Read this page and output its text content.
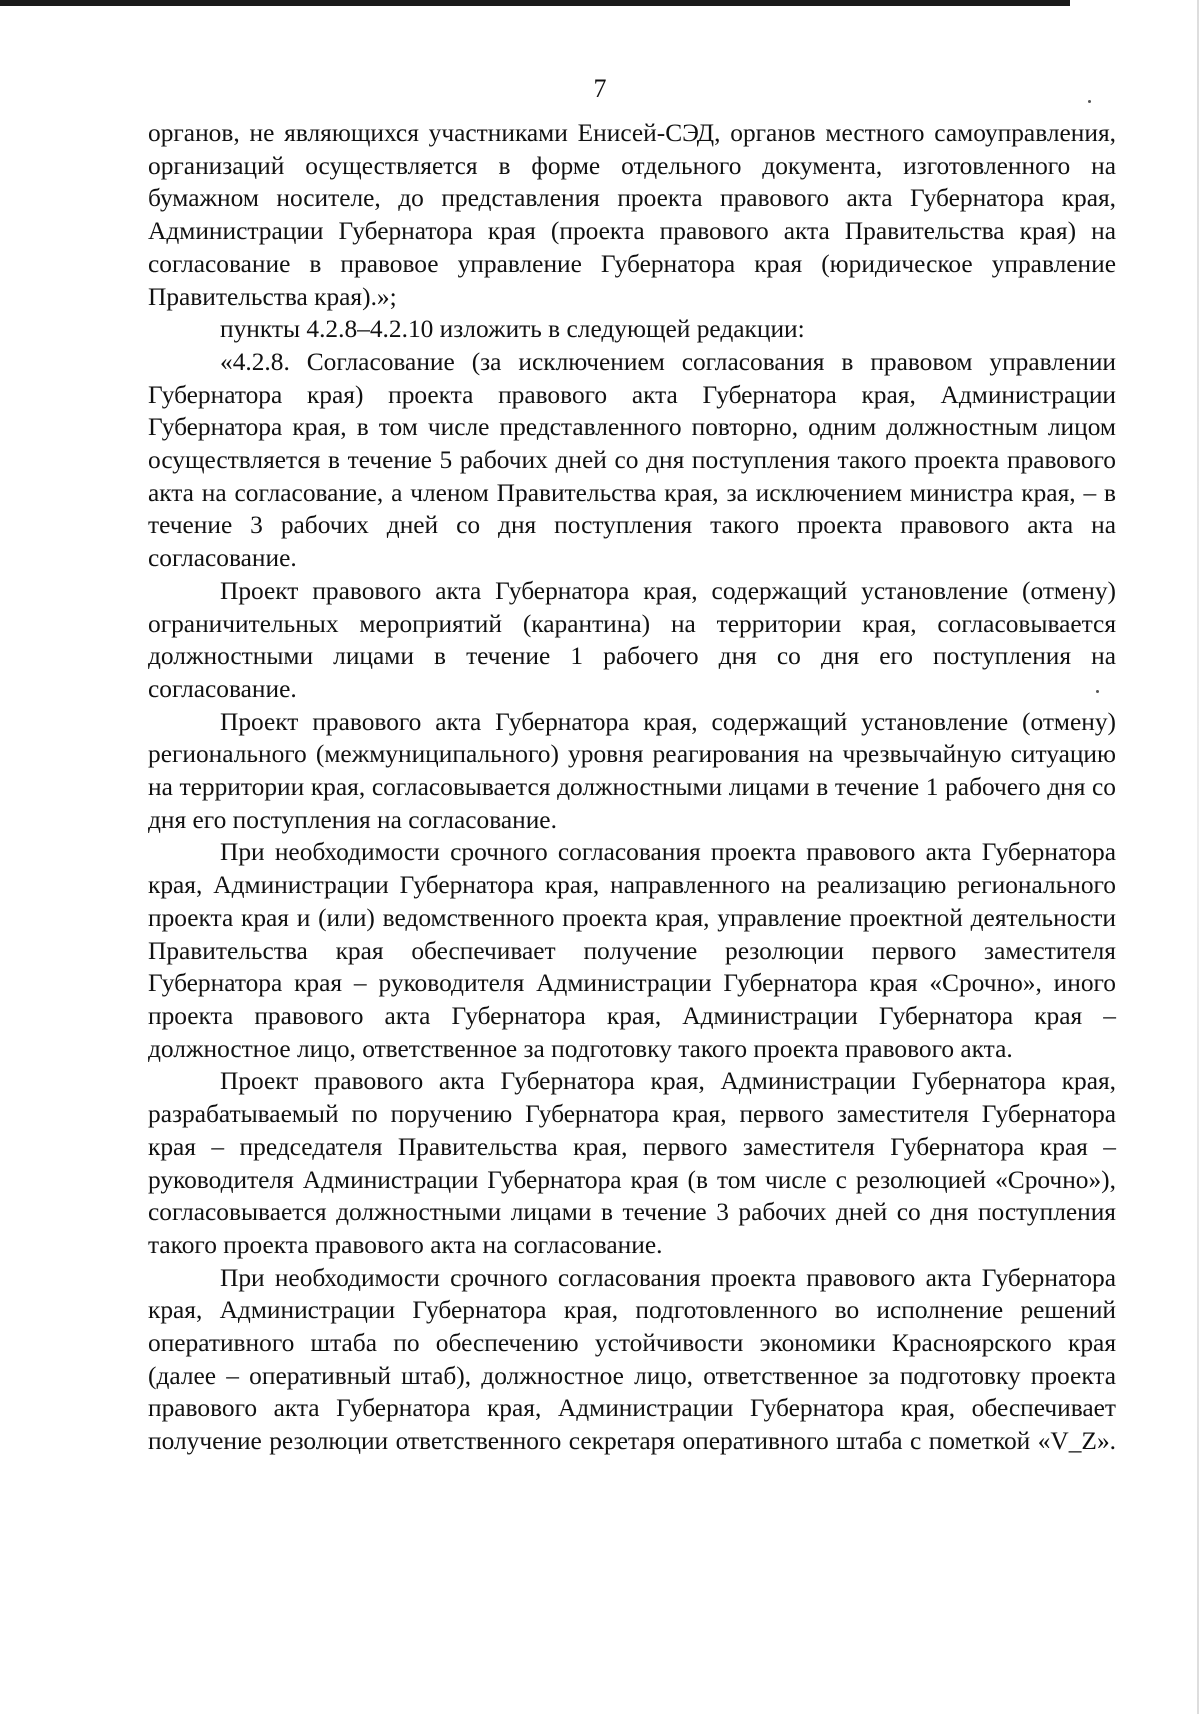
7

органов, не являющихся участниками Енисей-СЭД, органов местного самоуправления, организаций осуществляется в форме отдельного документа, изготовленного на бумажном носителе, до представления проекта правового акта Губернатора края, Администрации Губернатора края (проекта правового акта Правительства края) на согласование в правовое управление Губернатора края (юридическое управление Правительства края).»;

пункты 4.2.8–4.2.10 изложить в следующей редакции:

«4.2.8. Согласование (за исключением согласования в правовом управлении Губернатора края) проекта правового акта Губернатора края, Администрации Губернатора края, в том числе представленного повторно, одним должностным лицом осуществляется в течение 5 рабочих дней со дня поступления такого проекта правового акта на согласование, а членом Правительства края, за исключением министра края, – в течение 3 рабочих дней со дня поступления такого проекта правового акта на согласование.

Проект правового акта Губернатора края, содержащий установление (отмену) ограничительных мероприятий (карантина) на территории края, согласовывается должностными лицами в течение 1 рабочего дня со дня его поступления на согласование.

Проект правового акта Губернатора края, содержащий установление (отмену) регионального (межмуниципального) уровня реагирования на чрезвычайную ситуацию на территории края, согласовывается должностными лицами в течение 1 рабочего дня со дня его поступления на согласование.

При необходимости срочного согласования проекта правового акта Губернатора края, Администрации Губернатора края, направленного на реализацию регионального проекта края и (или) ведомственного проекта края, управление проектной деятельности Правительства края обеспечивает получение резолюции первого заместителя Губернатора края – руководителя Администрации Губернатора края «Срочно», иного проекта правового акта Губернатора края, Администрации Губернатора края – должностное лицо, ответственное за подготовку такого проекта правового акта.

Проект правового акта Губернатора края, Администрации Губернатора края, разрабатываемый по поручению Губернатора края, первого заместителя Губернатора края – председателя Правительства края, первого заместителя Губернатора края – руководителя Администрации Губернатора края (в том числе с резолюцией «Срочно»), согласовывается должностными лицами в течение 3 рабочих дней со дня поступления такого проекта правового акта на согласование.

При необходимости срочного согласования проекта правового акта Губернатора края, Администрации Губернатора края, подготовленного во исполнение решений оперативного штаба по обеспечению устойчивости экономики Красноярского края (далее – оперативный штаб), должностное лицо, ответственное за подготовку проекта правового акта Губернатора края, Администрации Губернатора края, обеспечивает получение резолюции ответственного секретаря оперативного штаба с пометкой «V_Z».
